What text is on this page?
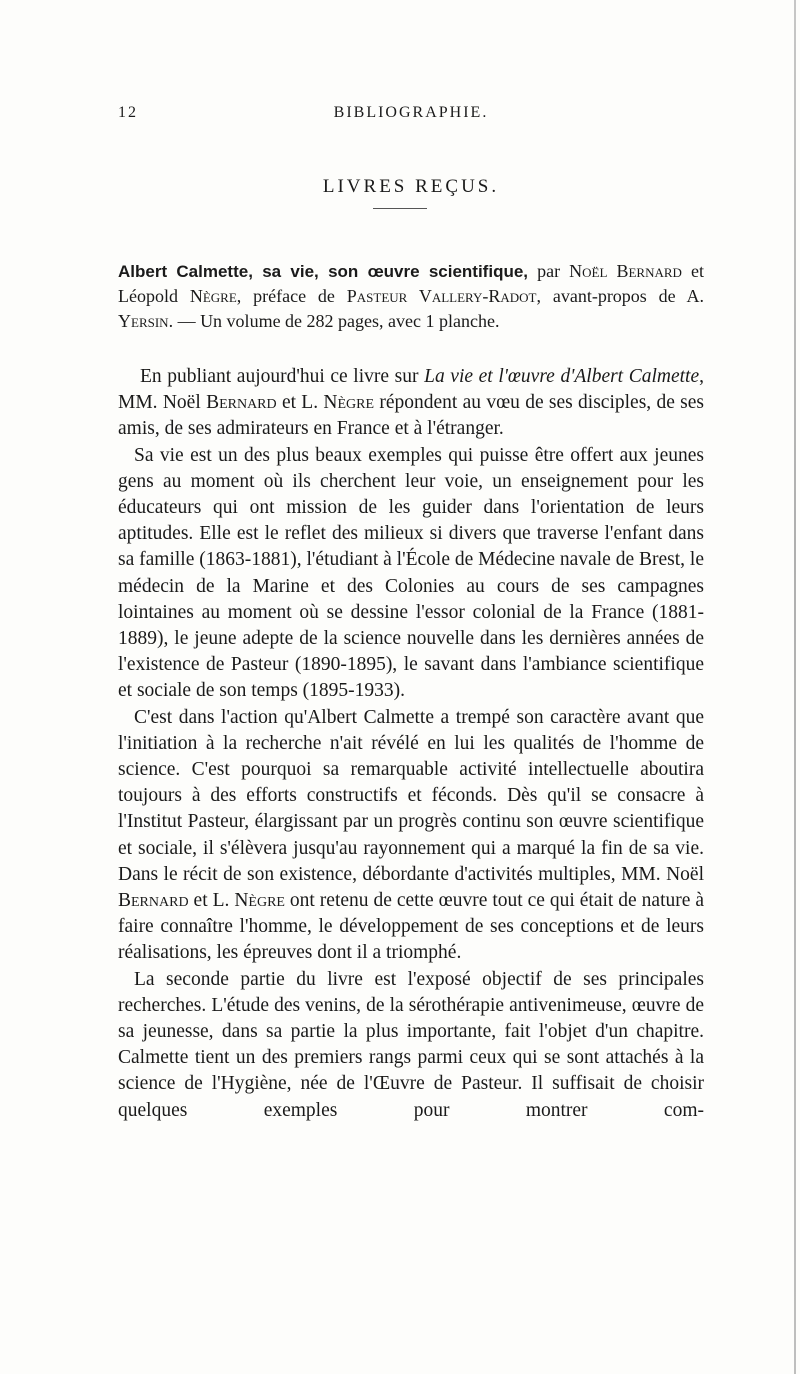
12	BIBLIOGRAPHIE.
LIVRES REÇUS.
Albert Calmette, sa vie, son œuvre scientifique, par Noël Bernard et Léopold Nègre, préface de Pasteur Vallery-Radot, avant-propos de A. Yersin. — Un volume de 282 pages, avec 1 planche.

En publiant aujourd'hui ce livre sur La vie et l'œuvre d'Albert Calmette, MM. Noël Bernard et L. Nègre répondent au vœu de ses disciples, de ses amis, de ses admirateurs en France et à l'étranger.

Sa vie est un des plus beaux exemples qui puisse être offert aux jeunes gens au moment où ils cherchent leur voie, un enseignement pour les éducateurs qui ont mission de les guider dans l'orientation de leurs aptitudes. Elle est le reflet des milieux si divers que traverse l'enfant dans sa famille (1863-1881), l'étudiant à l'École de Médecine navale de Brest, le médecin de la Marine et des Colonies au cours de ses campagnes lointaines au moment où se dessine l'essor colonial de la France (1881-1889), le jeune adepte de la science nouvelle dans les dernières années de l'existence de Pasteur (1890-1895), le savant dans l'ambiance scientifique et sociale de son temps (1895-1933).

C'est dans l'action qu'Albert Calmette a trempé son caractère avant que l'initiation à la recherche n'ait révélé en lui les qualités de l'homme de science. C'est pourquoi sa remarquable activité intellectuelle aboutira toujours à des efforts constructifs et féconds. Dès qu'il se consacre à l'Institut Pasteur, élargissant par un progrès continu son œuvre scientifique et sociale, il s'élèvera jusqu'au rayonnement qui a marqué la fin de sa vie. Dans le récit de son existence, débordante d'activités multiples, MM. Noël Bernard et L. Nègre ont retenu de cette œuvre tout ce qui était de nature à faire connaître l'homme, le développement de ses conceptions et de leurs réalisations, les épreuves dont il a triomphé.

La seconde partie du livre est l'exposé objectif de ses principales recherches. L'étude des venins, de la sérothérapie antivenimeuse, œuvre de sa jeunesse, dans sa partie la plus importante, fait l'objet d'un chapitre. Calmette tient un des premiers rangs parmi ceux qui se sont attachés à la science de l'Hygiène, née de l'Œuvre de Pasteur. Il suffisait de choisir quelques exemples pour montrer com-
